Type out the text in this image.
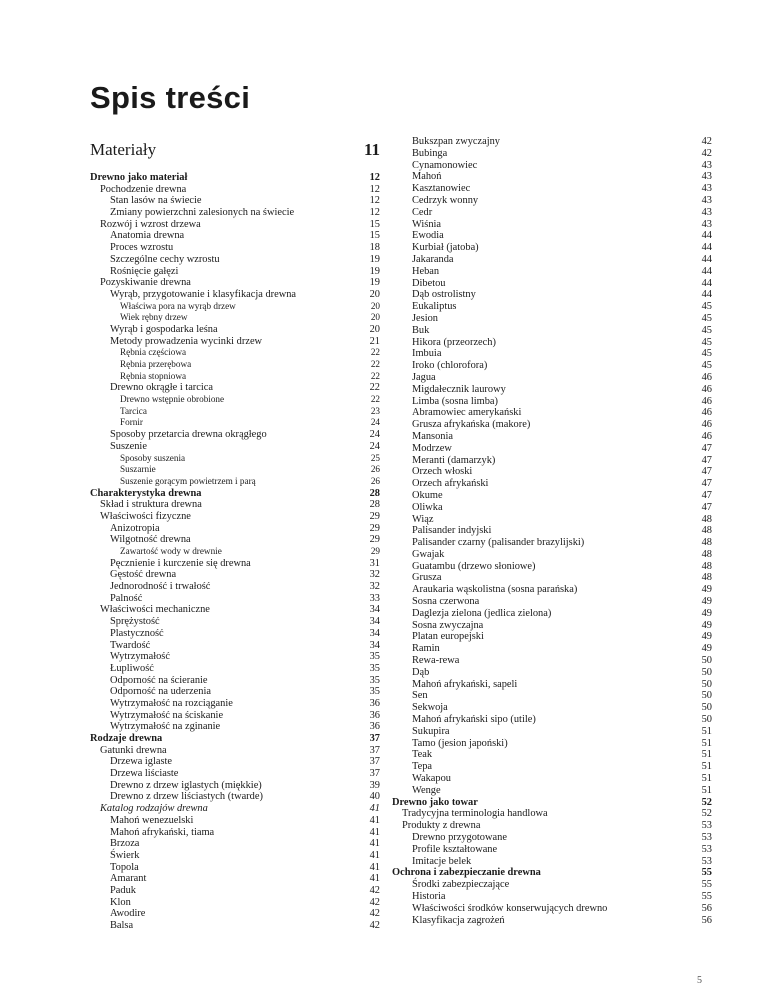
Spis treści
Materiały	11
Drewno jako materiał	12
Pochodzenie drewna	12
Stan lasów na świecie	12
Zmiany powierzchni zalesionych na świecie	12
Rozwój i wzrost drzewa	15
Anatomia drewna	15
Proces wzrostu	18
Szczególne cechy wzrostu	19
Rośnięcie gałęzi	19
Pozyskiwanie drewna	19
Wyrąb, przygotowanie i klasyfikacja drewna	20
Właściwa pora na wyrąb drzew	20
Wiek rębny drzew	20
Wyrąb i gospodarka leśna	20
Metody prowadzenia wycinki drzew	21
Rębnia częściowa	22
Rębnia przerębowa	22
Rębnia stopniowa	22
Drewno okrągłe i tarcica	22
Drewno wstępnie obrobione	22
Tarcica	23
Fornir	24
Sposoby przetarcia drewna okrągłego	24
Suszenie	24
Sposoby suszenia	25
Suszarnie	26
Suszenie gorącym powietrzem i parą	26
Charakterystyka drewna	28
Skład i struktura drewna	28
Właściwości fizyczne	29
Anizotropia	29
Wilgotność drewna	29
Zawartość wody w drewnie	29
Pęcznienie i kurczenie się drewna	31
Gęstość drewna	32
Jednorodność i trwałość	32
Palność	33
Właściwości mechaniczne	34
Sprężystość	34
Plastyczność	34
Twardość	34
Wytrzymałość	35
Łupliwość	35
Odporność na ścieranie	35
Odporność na uderzenia	35
Wytrzymałość na rozciąganie	36
Wytrzymałość na ściskanie	36
Wytrzymałość na zginanie	36
Rodzaje drewna	37
Gatunki drewna	37
Drzewa iglaste	37
Drzewa liściaste	37
Drewno z drzew iglastych (miękkie)	39
Drewno z drzew liściastych (twarde)	40
Katalog rodzajów drewna	41
Mahoń wenezuelski	41
Mahoń afrykański, tiama	41
Brzoza	41
Świerk	41
Topola	41
Amarant	41
Paduk	42
Klon	42
Awodire	42
Balsa	42
Bukszpan zwyczajny	42
Bubinga	42
Cynamonowiec	43
Mahoń	43
Kasztanowiec	43
Cedrzyk wonny	43
Cedr	43
Wiśnia	43
Ewodia	44
Kurbiał (jatoba)	44
Jakaranda	44
Heban	44
Dibetou	44
Dąb ostrolistny	44
Eukaliptus	45
Jesion	45
Buk	45
Hikora (przeorzech)	45
Imbuia	45
Iroko (chlorofora)	45
Jagua	46
Migdałecznik laurowy	46
Limba (sosna limba)	46
Abramowiec amerykański	46
Grusza afrykańska (makore)	46
Mansonia	46
Modrzew	47
Meranti (damarzyk)	47
Orzech włoski	47
Orzech afrykański	47
Okume	47
Oliwka	47
Wiąz	48
Palisander indyjski	48
Palisander czarny (palisander brazylijski)	48
Gwajak	48
Guatambu (drzewo słoniowe)	48
Grusza	48
Araukaria wąskolistna (sosna parańska)	49
Sosna czerwona	49
Daglezja zielona (jedlica zielona)	49
Sosna zwyczajna	49
Platan europejski	49
Ramin	49
Rewa-rewa	50
Dąb	50
Mahoń afrykański, sapeli	50
Sen	50
Sekwoja	50
Mahoń afrykański sipo (utile)	50
Sukupira	51
Tamo (jesion japoński)	51
Teak	51
Tepa	51
Wakapou	51
Wenge	51
Drewno jako towar	52
Tradycyjna terminologia handlowa	52
Produkty z drewna	53
Drewno przygotowane	53
Profile kształtowane	53
Imitacje belek	53
Ochrona i zabezpieczanie drewna	55
Środki zabezpieczające	55
Historia	55
Właściwości środków konserwujących drewno	56
Klasyfikacja zagrożeń	56
5
